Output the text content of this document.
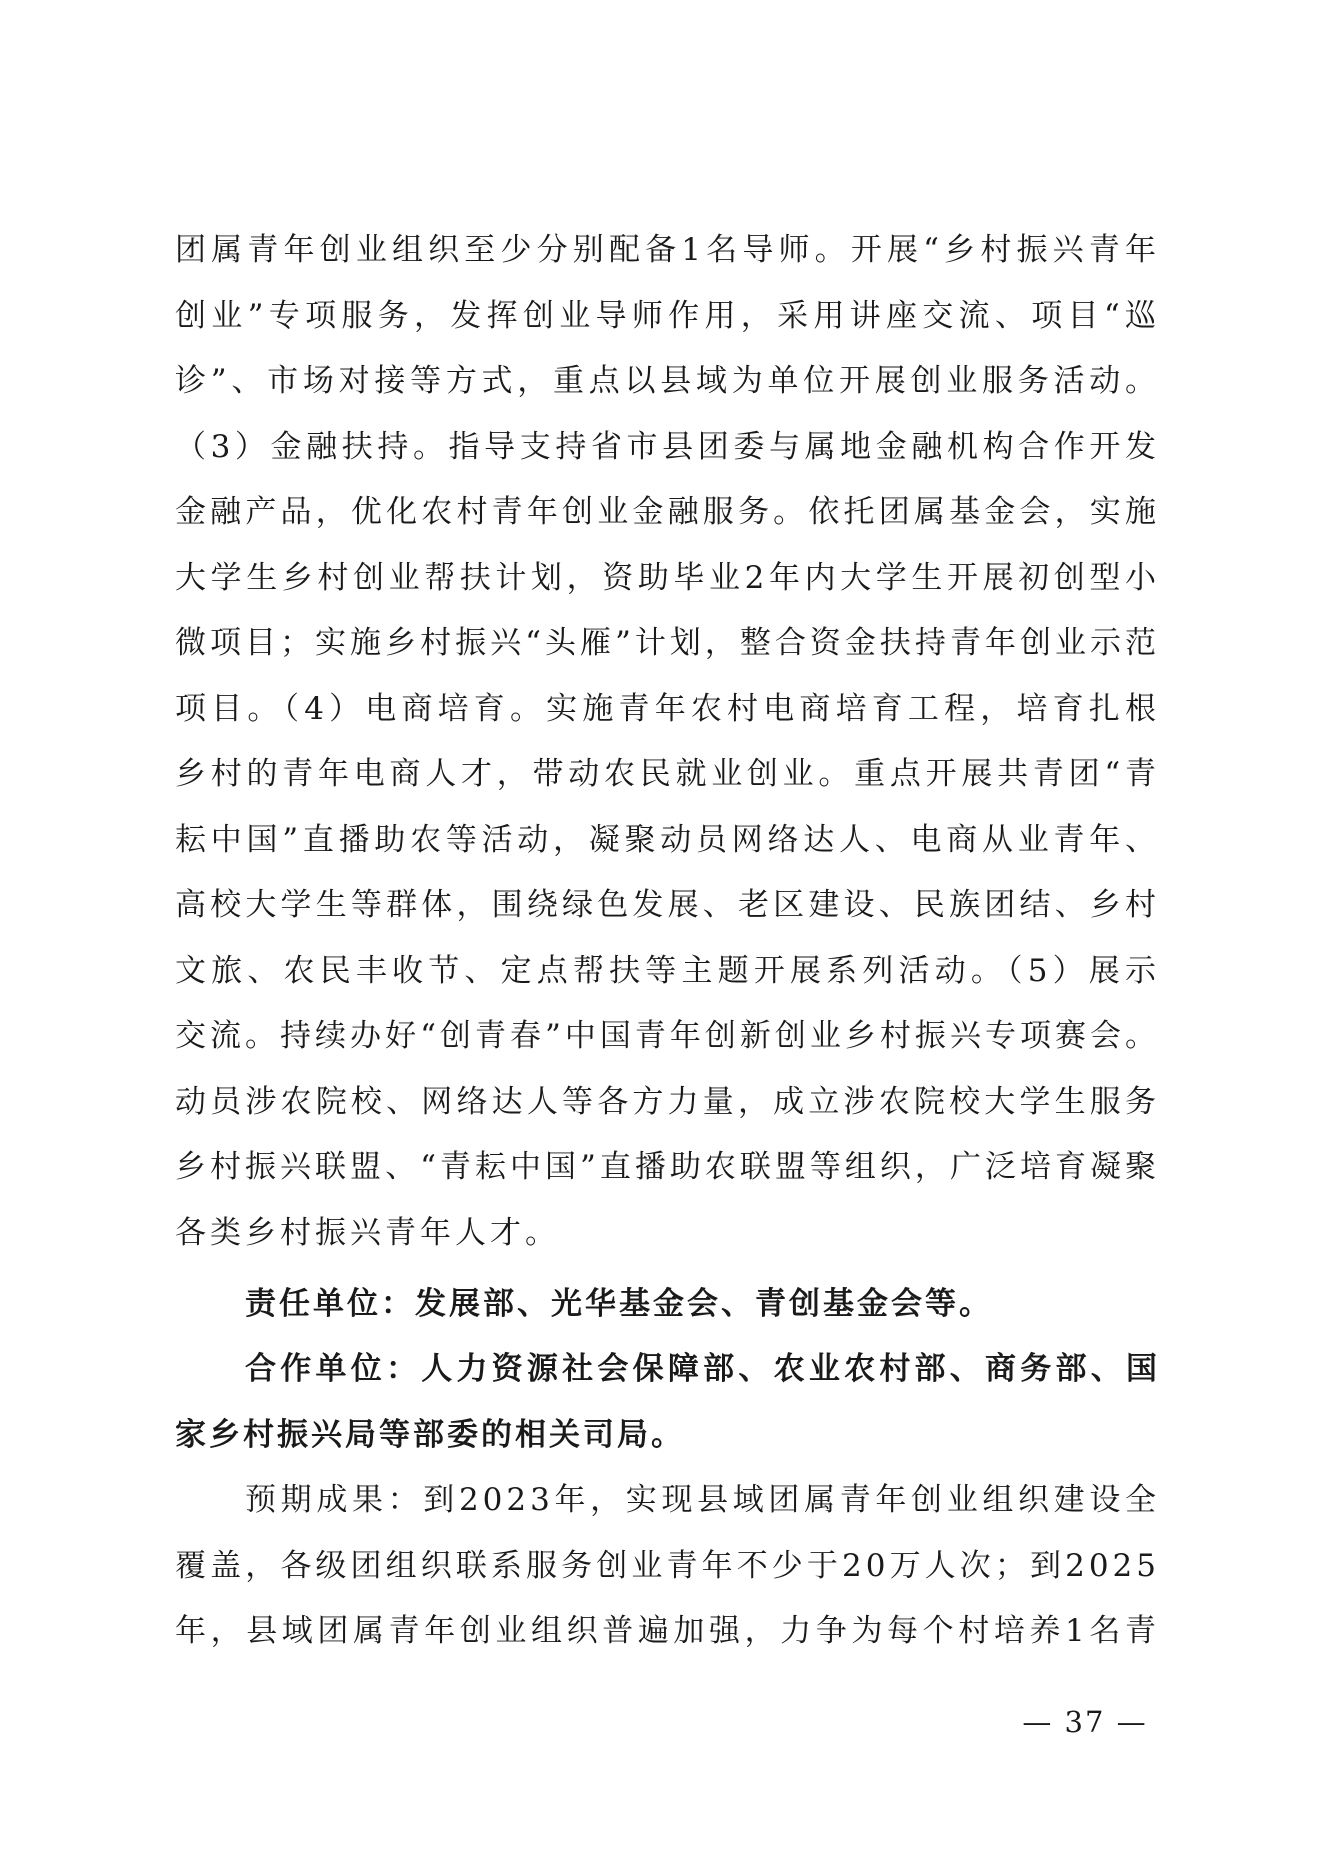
团属青年创业组织至少分别配备1名导师。开展“乡村振兴青年创业”专项服务，发挥创业导师作用，采用讲座交流、项目“巡诊”、市场对接等方式，重点以县域为单位开展创业服务活动。（3）金融扶持。指导支持省市县团委与属地金融机构合作开发金融产品，优化农村青年创业金融服务。依托团属基金会，实施大学生乡村创业帮扶计划，资助毕业2年内大学生开展初创型小微项目；实施乡村振兴“头雁”计划，整合资金扶持青年创业示范项目。（4）电商培育。实施青年农村电商培育工程，培育扎根乡村的青年电商人才，带动农民就业创业。重点开展共青团“青耘中国”直播助农等活动，凝聚动员网络达人、电商从业青年、高校大学生等群体，围绕绿色发展、老区建设、民族团结、乡村文旅、农民丰收节、定点帮扶等主题开展系列活动。（5）展示交流。持续办好“创青春”中国青年创新创业乡村振兴专项赛会。动员涉农院校、网络达人等各方力量，成立涉农院校大学生服务乡村振兴联盟、“青耘中国”直播助农联盟等组织，广泛培育凝聚各类乡村振兴青年人才。

责任单位：发展部、光华基金会、青创基金会等。
合作单位：人力资源社会保障部、农业农村部、商务部、国家乡村振兴局等部委的相关司局。
预期成果：到2023年，实现县域团属青年创业组织建设全覆盖，各级团组织联系服务创业青年不少于20万人次；到2025年，县域团属青年创业组织普遍加强，力争为每个村培养1名青
— 37 —
